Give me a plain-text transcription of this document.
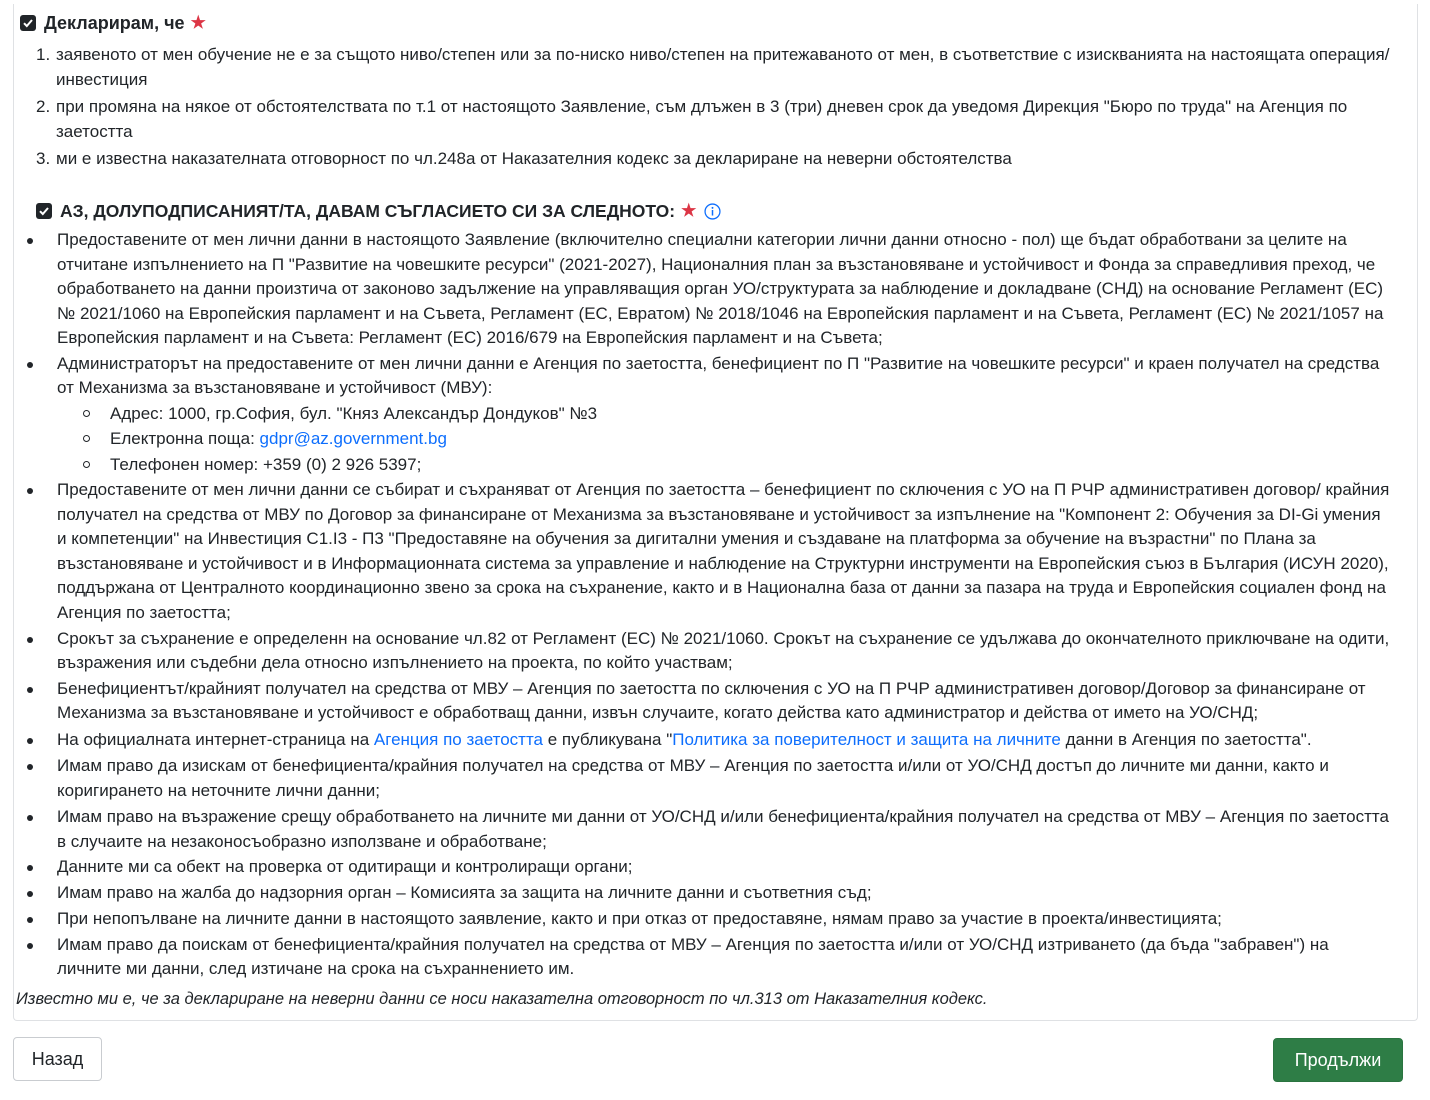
Декларирам, че ★
1. заявеното от мен обучение не е за същото ниво/степен или за по-ниско ниво/степен на притежаваното от мен, в съответствие с изискванията на настоящата операция/инвестиция
2. при промяна на някое от обстоятелствата по т.1 от настоящото Заявление, съм длъжен в 3 (три) дневен срок да уведомя Дирекция "Бюро по труда" на Агенция по заетостта
3. ми е известна наказателната отговорност по чл.248а от Наказателния кодекс за деклариране на неверни обстоятелства
АЗ, ДОЛУПОДПИСАНИЯТ/ТА, ДАВАМ СЪГЛАСИЕТО СИ ЗА СЛЕДНОТО: ★
Предоставените от мен лични данни в настоящото Заявление (включително специални категории лични данни относно - пол) ще бъдат обработвани за целите на отчитане изпълнението на П "Развитие на човешките ресурси" (2021-2027), Националния план за възстановяване и устойчивост и Фонда за справедливия преход, че обработването на данни произтича от законово задължение на управляващия орган УО/структурата за наблюдение и докладване (СНД) на основание Регламент (ЕС) № 2021/1060 на Европейския парламент и на Съвета, Регламент (ЕС, Евратом) № 2018/1046 на Европейския парламент и на Съвета, Регламент (ЕС) № 2021/1057 на Европейския парламент и на Съвета: Регламент (ЕС) 2016/679 на Европейския парламент и на Съвета;
Администраторът на предоставените от мен лични данни е Агенция по заетостта, бенефициент по П "Развитие на човешките ресурси" и краен получател на средства от Механизма за възстановяване и устойчивост (МВУ):
Адрес: 1000, гр.София, бул. "Княз Александър Дондуков" №3
Електронна поща: gdpr@az.government.bg
Телефонен номер: +359 (0) 2 926 5397;
Предоставените от мен лични данни се събират и съхраняват от Агенция по заетостта – бенефициент по сключения с УО на П РЧР административен договор/ крайния получател на средства от МВУ по Договор за финансиране от Механизма за възстановяване и устойчивост за изпълнение на "Компонент 2: Обучения за DI-Gi умения и компетенции" на Инвестиция С1.I3 - П3 "Предоставяне на обучения за дигитални умения и създаване на платформа за обучение на възрастни" по Плана за възстановяване и устойчивост и в Информационната система за управление и наблюдение на Структурни инструменти на Европейския съюз в България (ИСУН 2020), поддържана от Централното координационно звено за срока на съхранение, както и в Национална база от данни за пазара на труда и Европейския социален фонд на Агенция по заетостта;
Срокът за съхранение е определенн на основание чл.82 от Регламент (ЕС) № 2021/1060. Срокът на съхранение се удължава до окончателното приключване на одити, възражения или съдебни дела относно изпълнението на проекта, по който участвам;
Бенефициентът/крайният получател на средства от МВУ – Агенция по заетостта по сключения с УО на П РЧР административен договор/Договор за финансиране от Механизма за възстановяване и устойчивост е обработващ данни, извън случаите, когато действа като администратор и действа от името на УО/СНД;
На официалната интернет-страница на Агенция по заетостта е публикувана "Политика за поверителност и защита на личните данни в Агенция по заетостта".
Имам право да изискам от бенефициента/крайния получател на средства от МВУ – Агенция по заетостта и/или от УО/СНД достъп до личните ми данни, както и коригирането на неточните лични данни;
Имам право на възражение срещу обработването на личните ми данни от УО/СНД и/или бенефициента/крайния получател на средства от МВУ – Агенция по заетостта в случаите на незаконосъобразно използване и обработване;
Данните ми са обект на проверка от одитиращи и контролиращи органи;
Имам право на жалба до надзорния орган – Комисията за защита на личните данни и съответния съд;
При непопълване на личните данни в настоящото заявление, както и при отказ от предоставяне, нямам право за участие в проекта/инвестицията;
Имам право да поискам от бенефициента/крайния получател на средства от МВУ – Агенция по заетостта и/или от УО/СНД изтриването (да бъда "забравен") на личните ми данни, след изтичане на срока на съхраннението им.
Известно ми е, че за деклариране на неверни данни се носи наказателна отговорност по чл.313 от Наказателния кодекс.
Назад	Продължи
